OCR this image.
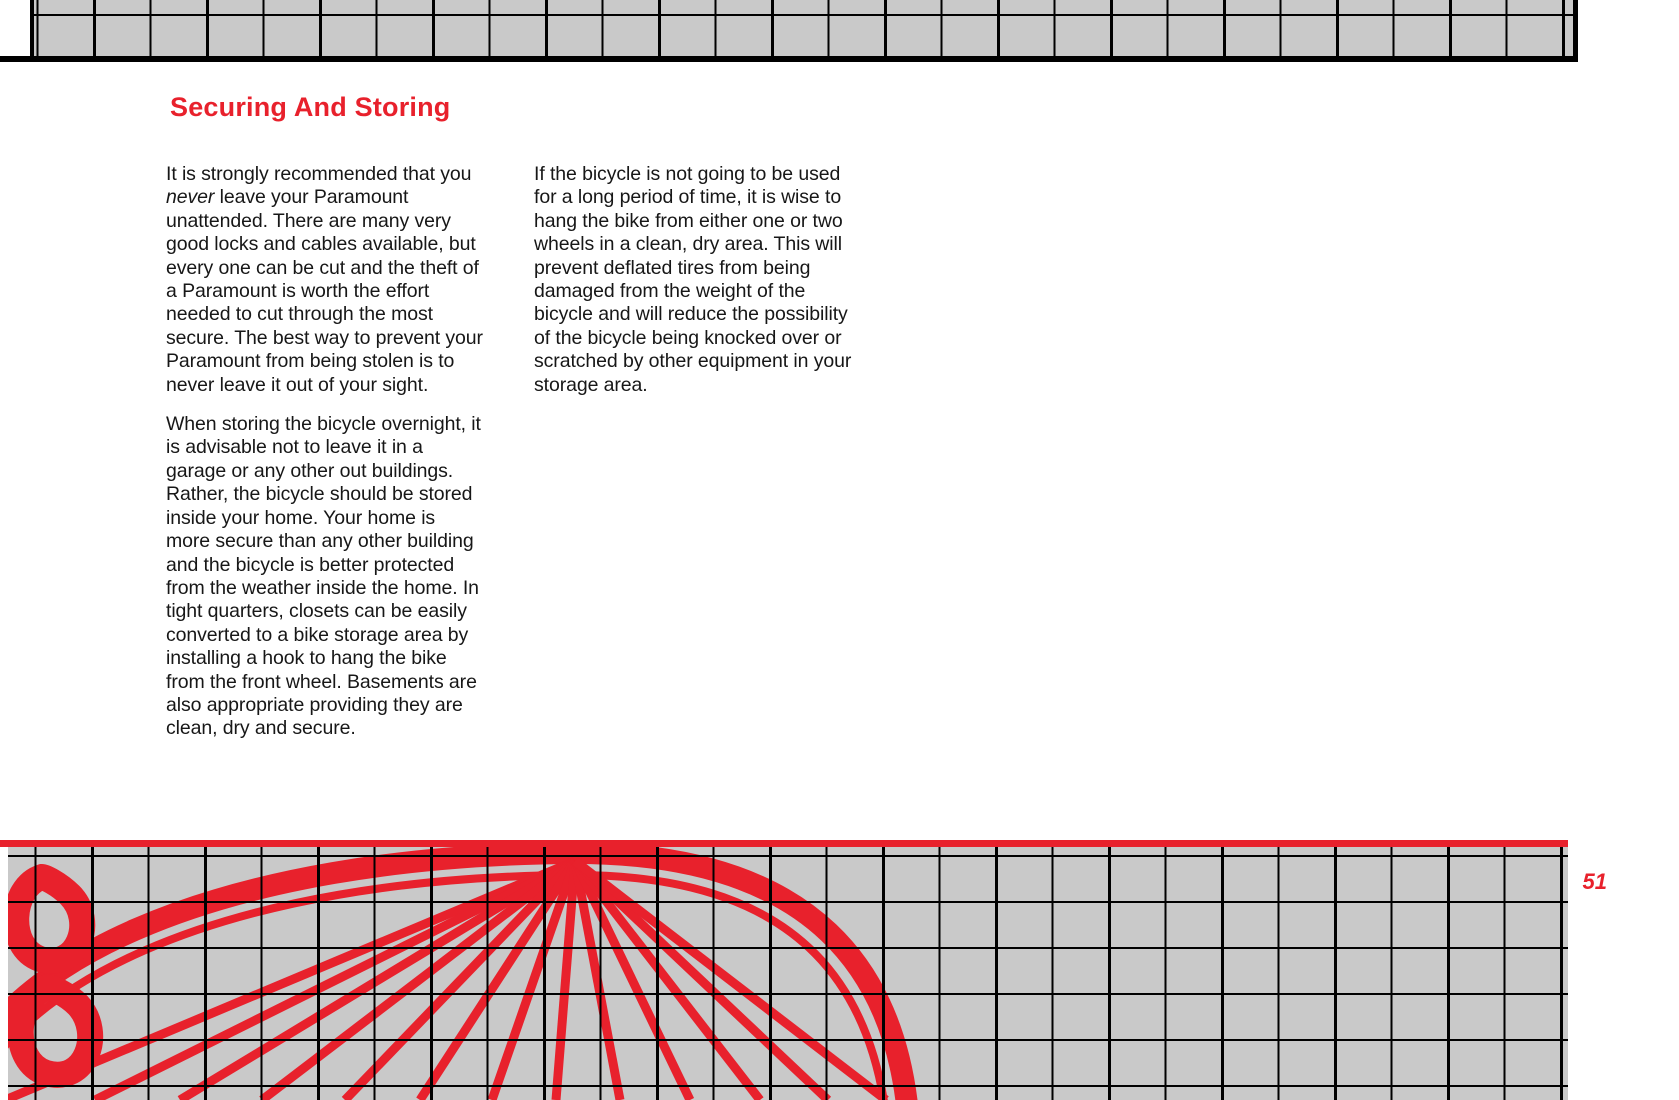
Securing And Storing

It is strongly recommended that you never leave your Paramount unattended. There are many very good locks and cables available, but every one can be cut and the theft of a Paramount is worth the effort needed to cut through the most secure. The best way to prevent your Paramount from being stolen is to never leave it out of your sight.

When storing the bicycle overnight, it is advisable not to leave it in a garage or any other out buildings. Rather, the bicycle should be stored inside your home. Your home is more secure than any other building and the bicycle is better protected from the weather inside the home. In tight quarters, closets can be easily converted to a bike storage area by installing a hook to hang the bike from the front wheel. Basements are also appropriate providing they are clean, dry and secure.

If the bicycle is not going to be used for a long period of time, it is wise to hang the bike from either one or two wheels in a clean, dry area. This will prevent deflated tires from being damaged from the weight of the bicycle and will reduce the possibility of the bicycle being knocked over or scratched by other equipment in your storage area.

51
